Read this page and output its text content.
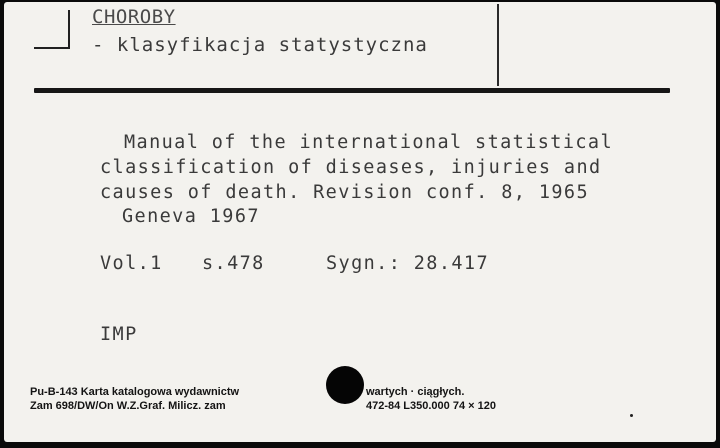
CHOROBY
- klasyfikacja statystyczna
Manual of the international statistical
classification of diseases, injuries and
causes of death. Revision conf. 8, 1965
Geneva 1967
Vol.1 s.478	Sygn.: 28.417
IMP
Pu-B-143 Karta katalogowa wydawnictw	wartych · ciągłych.
Zam 698/DW/On W.Z.Graf. Milicz. zam	472-84 L350.000 74 × 120
